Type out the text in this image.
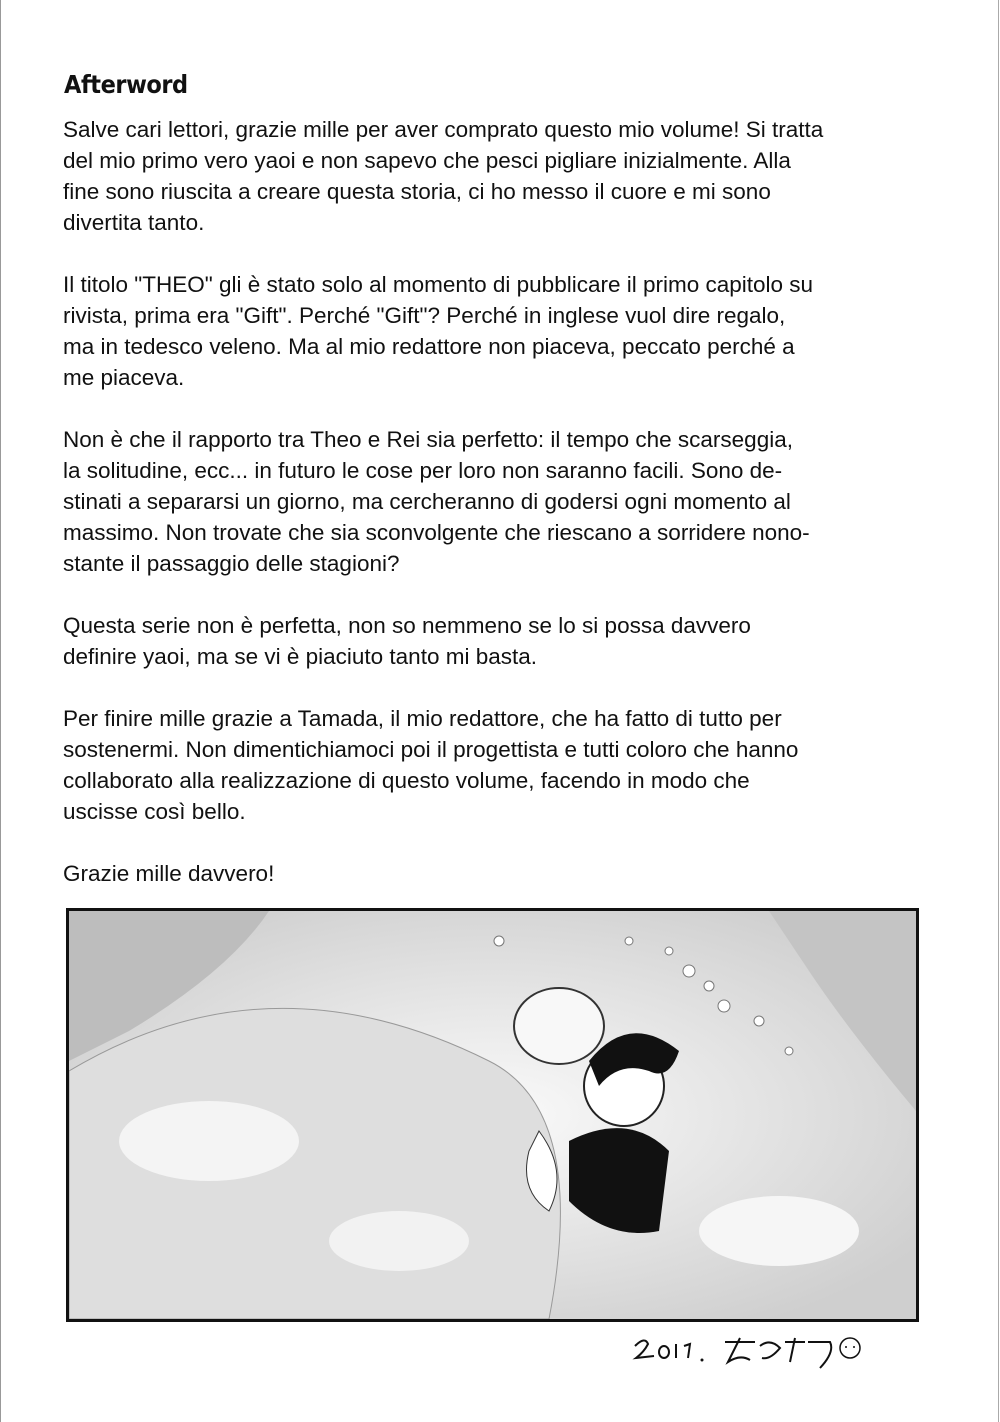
Afterword
Salve cari lettori, grazie mille per aver comprato questo mio volume! Si tratta
del mio primo vero yaoi e non sapevo che pesci pigliare inizialmente. Alla
fine sono riuscita a creare questa storia, ci ho messo il cuore e mi sono
divertita tanto.
Il titolo "THEO" gli è stato solo al momento di pubblicare il primo capitolo su
rivista, prima era "Gift". Perché "Gift"? Perché in inglese vuol dire regalo,
ma in tedesco veleno. Ma al mio redattore non piaceva, peccato perché a
me piaceva.
Non è che il rapporto tra Theo e Rei sia perfetto: il tempo che scarseggia,
la solitudine, ecc... in futuro le cose per loro non saranno facili. Sono de-
stinati a separarsi un giorno, ma cercheranno di godersi ogni momento al
massimo. Non trovate che sia sconvolgente che riescano a sorridere nono-
stante il passaggio delle stagioni?
Questa serie non è perfetta, non so nemmeno se lo si possa davvero
definire yaoi, ma se vi è piaciuto tanto mi basta.
Per finire mille grazie a Tamada, il mio redattore, che ha fatto di tutto per
sostenermi. Non dimentichiamoci poi il progettista e tutti coloro che hanno
collaborato alla realizzazione di questo volume, facendo in modo che
uscisse così bello.
Grazie mille davvero!
